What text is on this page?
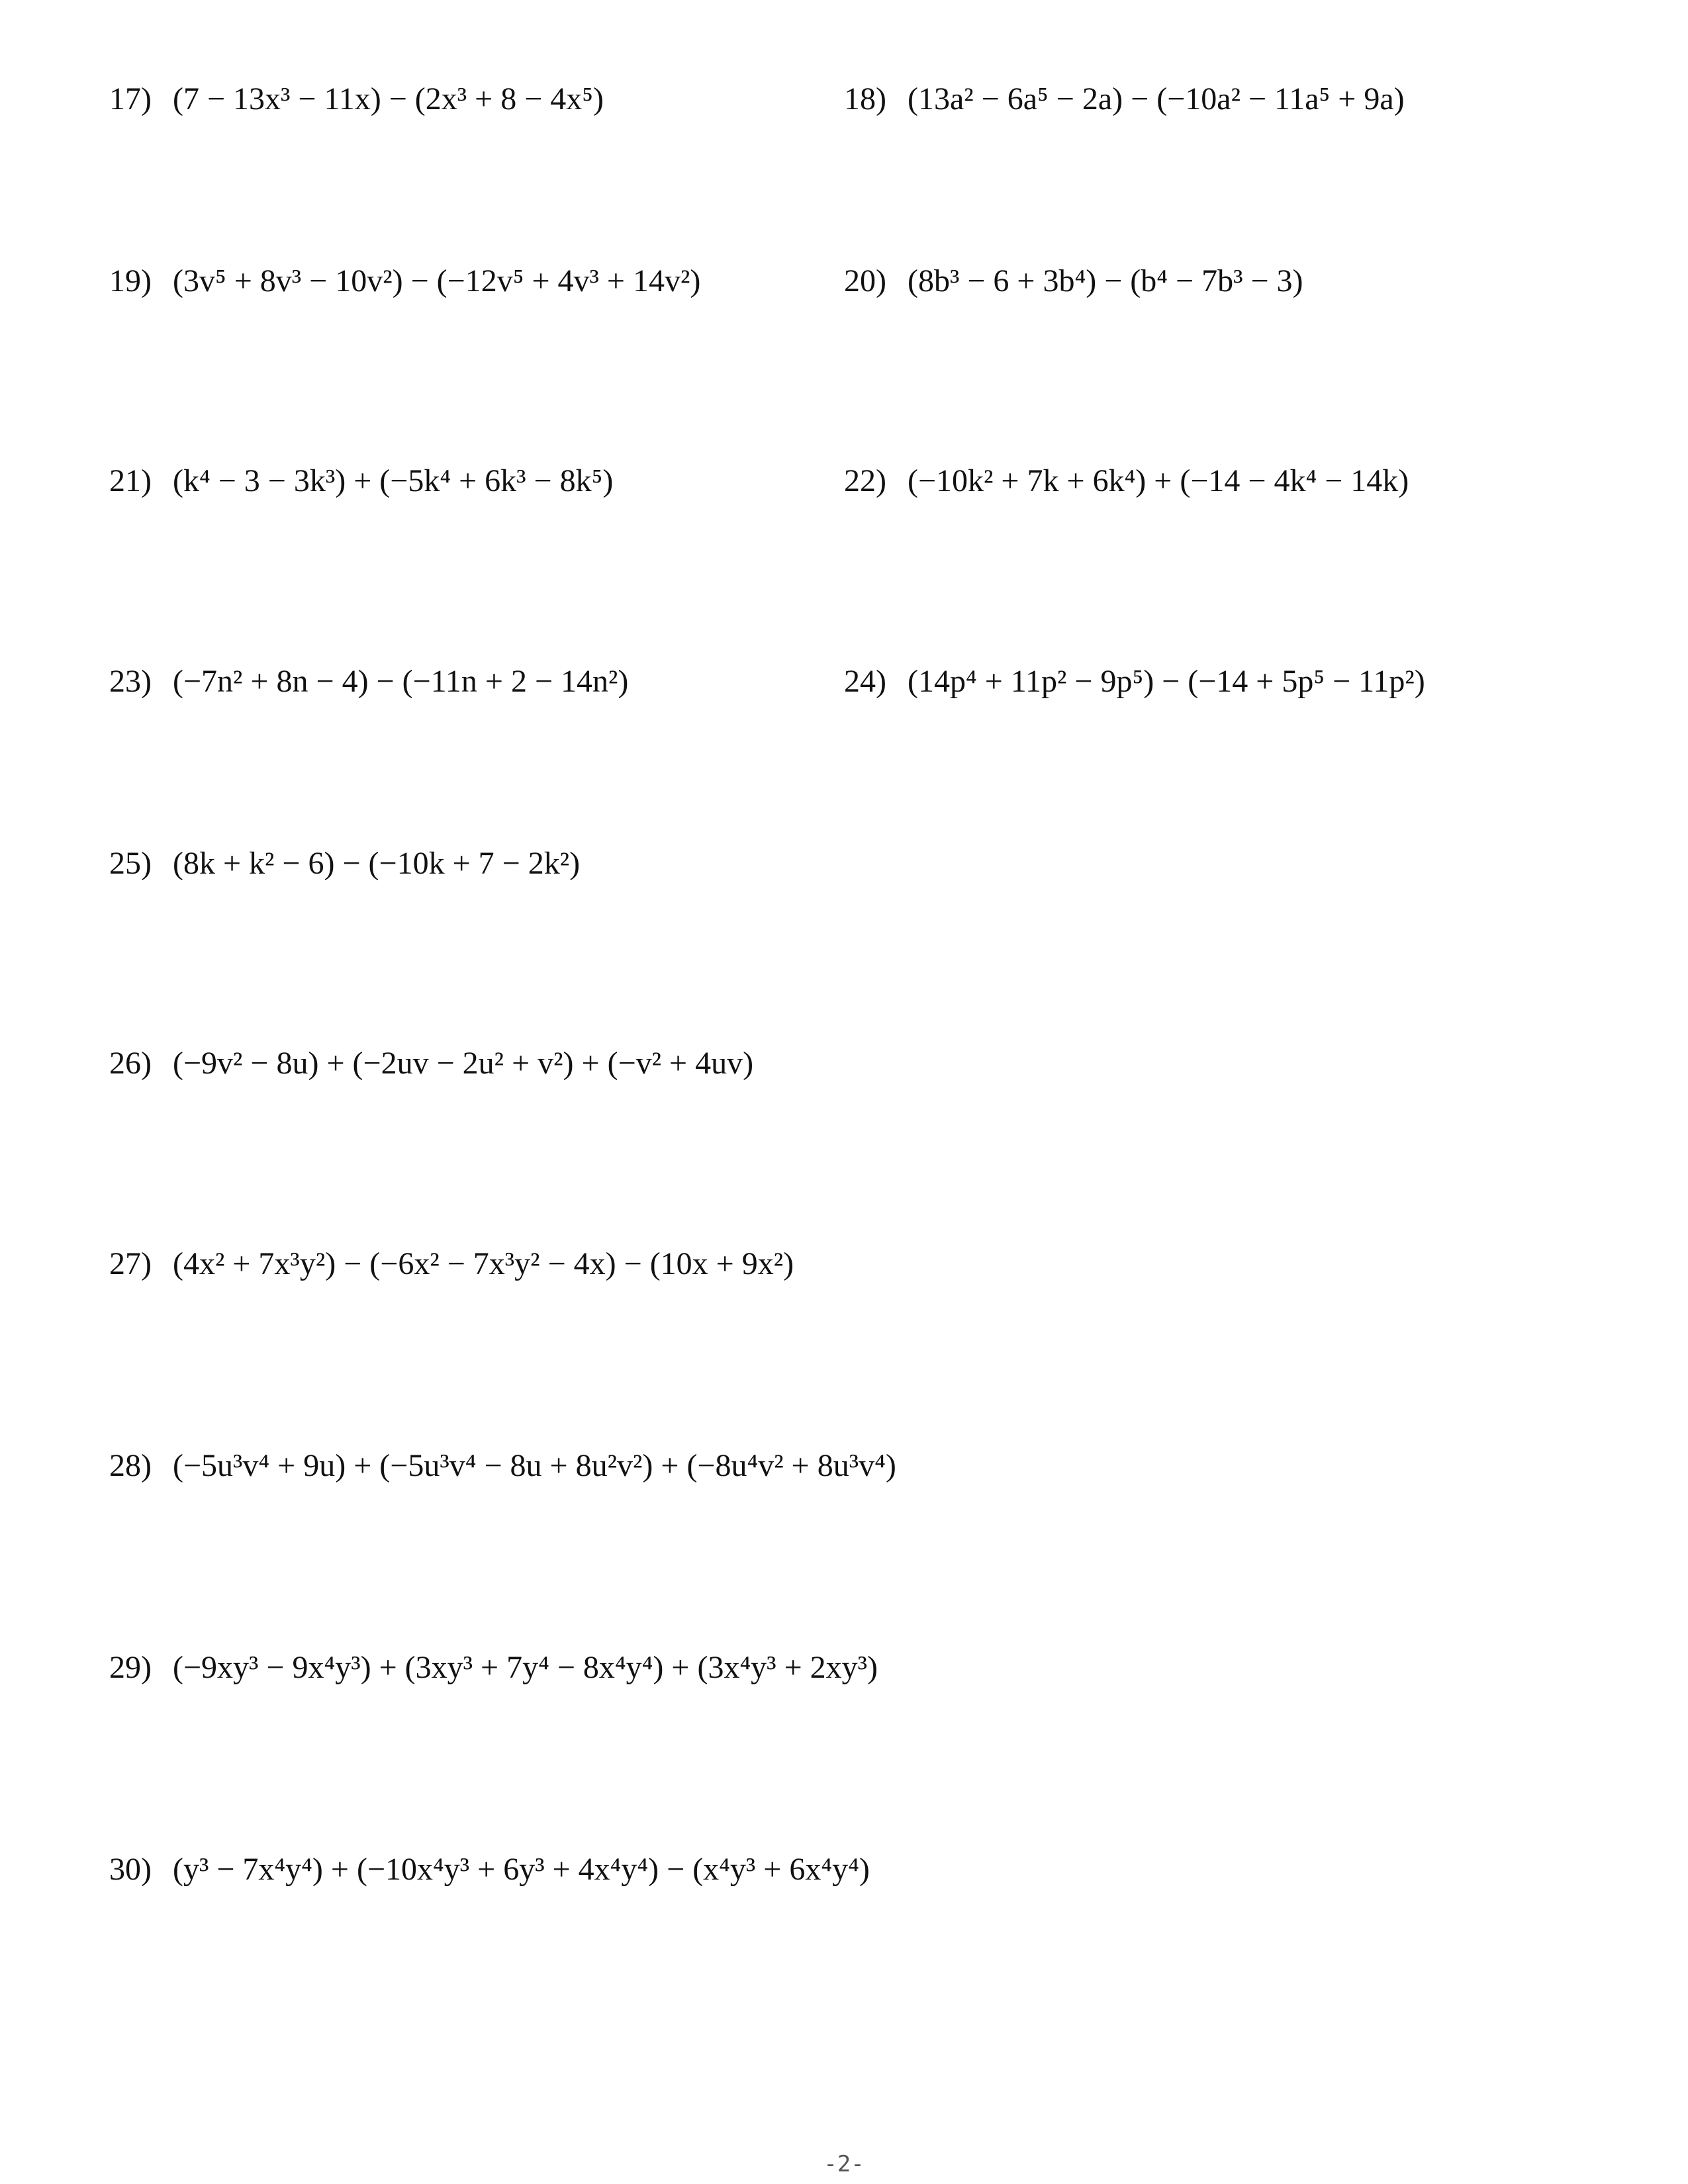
17) (7 − 13x³ − 11x) − (2x³ + 8 − 4x⁵)	18) (13a² − 6a⁵ − 2a) − (−10a² − 11a⁵ + 9a)
19) (3v⁵ + 8v³ − 10v²) − (−12v⁵ + 4v³ + 14v²)	20) (8b³ − 6 + 3b⁴) − (b⁴ − 7b³ − 3)
21) (k⁴ − 3 − 3k³) + (−5k⁴ + 6k³ − 8k⁵)	22) (−10k² + 7k + 6k⁴) + (−14 − 4k⁴ − 14k)
23) (−7n² + 8n − 4) − (−11n + 2 − 14n²)	24) (14p⁴ + 11p² − 9p⁵) − (−14 + 5p⁵ − 11p²)
25) (8k + k² − 6) − (−10k + 7 − 2k²)
26) (−9v² − 8u) + (−2uv − 2u² + v²) + (−v² + 4uv)
27) (4x² + 7x³y²) − (−6x² − 7x³y² − 4x) − (10x + 9x²)
28) (−5u³v⁴ + 9u) + (−5u³v⁴ − 8u + 8u²v²) + (−8u⁴v² + 8u³v⁴)
29) (−9xy³ − 9x⁴y³) + (3xy³ + 7y⁴ − 8x⁴y⁴) + (3x⁴y³ + 2xy³)
30) (y³ − 7x⁴y⁴) + (−10x⁴y³ + 6y³ + 4x⁴y⁴) − (x⁴y³ + 6x⁴y⁴)
-2-
